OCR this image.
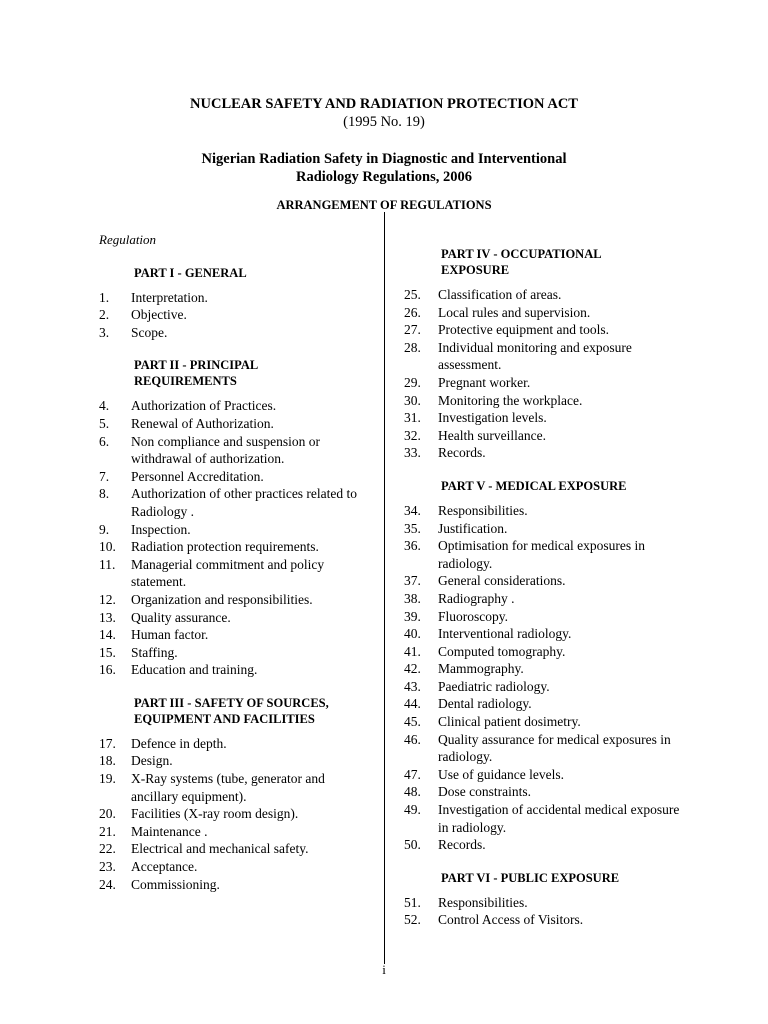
NUCLEAR SAFETY AND RADIATION PROTECTION ACT
(1995 No. 19)
Nigerian Radiation Safety in Diagnostic and Interventional
Radiology Regulations, 2006
ARRANGEMENT OF REGULATIONS
Regulation
PART I - GENERAL
1.	Interpretation.
2.	Objective.
3.	Scope.
PART II - PRINCIPAL
REQUIREMENTS
4.	Authorization of Practices.
5.	Renewal of Authorization.
6.	Non compliance and suspension or withdrawal of authorization.
7.	Personnel Accreditation.
8.	Authorization of other practices related to Radiology .
9.	Inspection.
10.	Radiation protection requirements.
11.	Managerial commitment and policy statement.
12.	Organization and responsibilities.
13.	Quality assurance.
14.	Human factor.
15.	Staffing.
16.	Education and training.
PART III - SAFETY OF SOURCES,
EQUIPMENT AND FACILITIES
17.	Defence in depth.
18.	Design.
19.	X-Ray systems (tube, generator and ancillary equipment).
20.	Facilities (X-ray room design).
21.	Maintenance .
22.	Electrical and mechanical safety.
23.	Acceptance.
24.	Commissioning.
PART IV - OCCUPATIONAL
EXPOSURE
25.	Classification of areas.
26.	Local rules and supervision.
27.	Protective equipment and tools.
28.	Individual monitoring and exposure assessment.
29.	Pregnant worker.
30.	Monitoring the workplace.
31.	Investigation levels.
32.	Health surveillance.
33.	Records.
PART V - MEDICAL EXPOSURE
34.	Responsibilities.
35.	Justification.
36.	Optimisation for medical exposures in radiology.
37.	General considerations.
38.	Radiography .
39.	Fluoroscopy.
40.	Interventional radiology.
41.	Computed tomography.
42.	Mammography.
43.	Paediatric radiology.
44.	Dental radiology.
45.	Clinical patient dosimetry.
46.	Quality assurance for medical exposures in radiology.
47.	Use of guidance levels.
48.	Dose constraints.
49.	Investigation of accidental medical exposure in radiology.
50.	Records.
PART VI - PUBLIC EXPOSURE
51.	Responsibilities.
52.	Control Access of Visitors.
i
